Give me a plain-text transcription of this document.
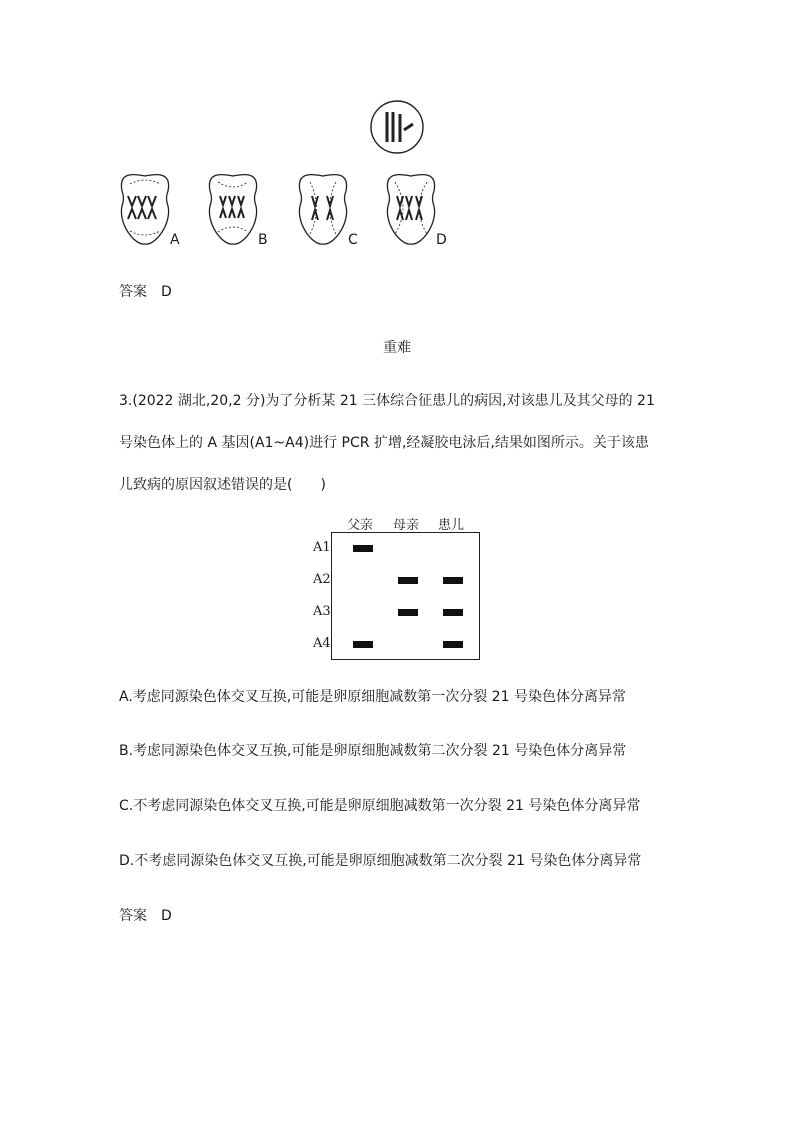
A	B	C	D
答案　D
重难
3.(2022 湖北,20,2 分)为了分析某 21 三体综合征患儿的病因,对该患儿及其父母的 21
号染色体上的 A 基因(A1~A4)进行 PCR 扩增,经凝胶电泳后,结果如图所示。关于该患
儿致病的原因叙述错误的是(　　)
父亲 母亲 患儿
A1
A2
A3
A4
A.考虑同源染色体交叉互换,可能是卵原细胞减数第一次分裂 21 号染色体分离异常
B.考虑同源染色体交叉互换,可能是卵原细胞减数第二次分裂 21 号染色体分离异常
C.不考虑同源染色体交叉互换,可能是卵原细胞减数第一次分裂 21 号染色体分离异常
D.不考虑同源染色体交叉互换,可能是卵原细胞减数第二次分裂 21 号染色体分离异常
答案　D
